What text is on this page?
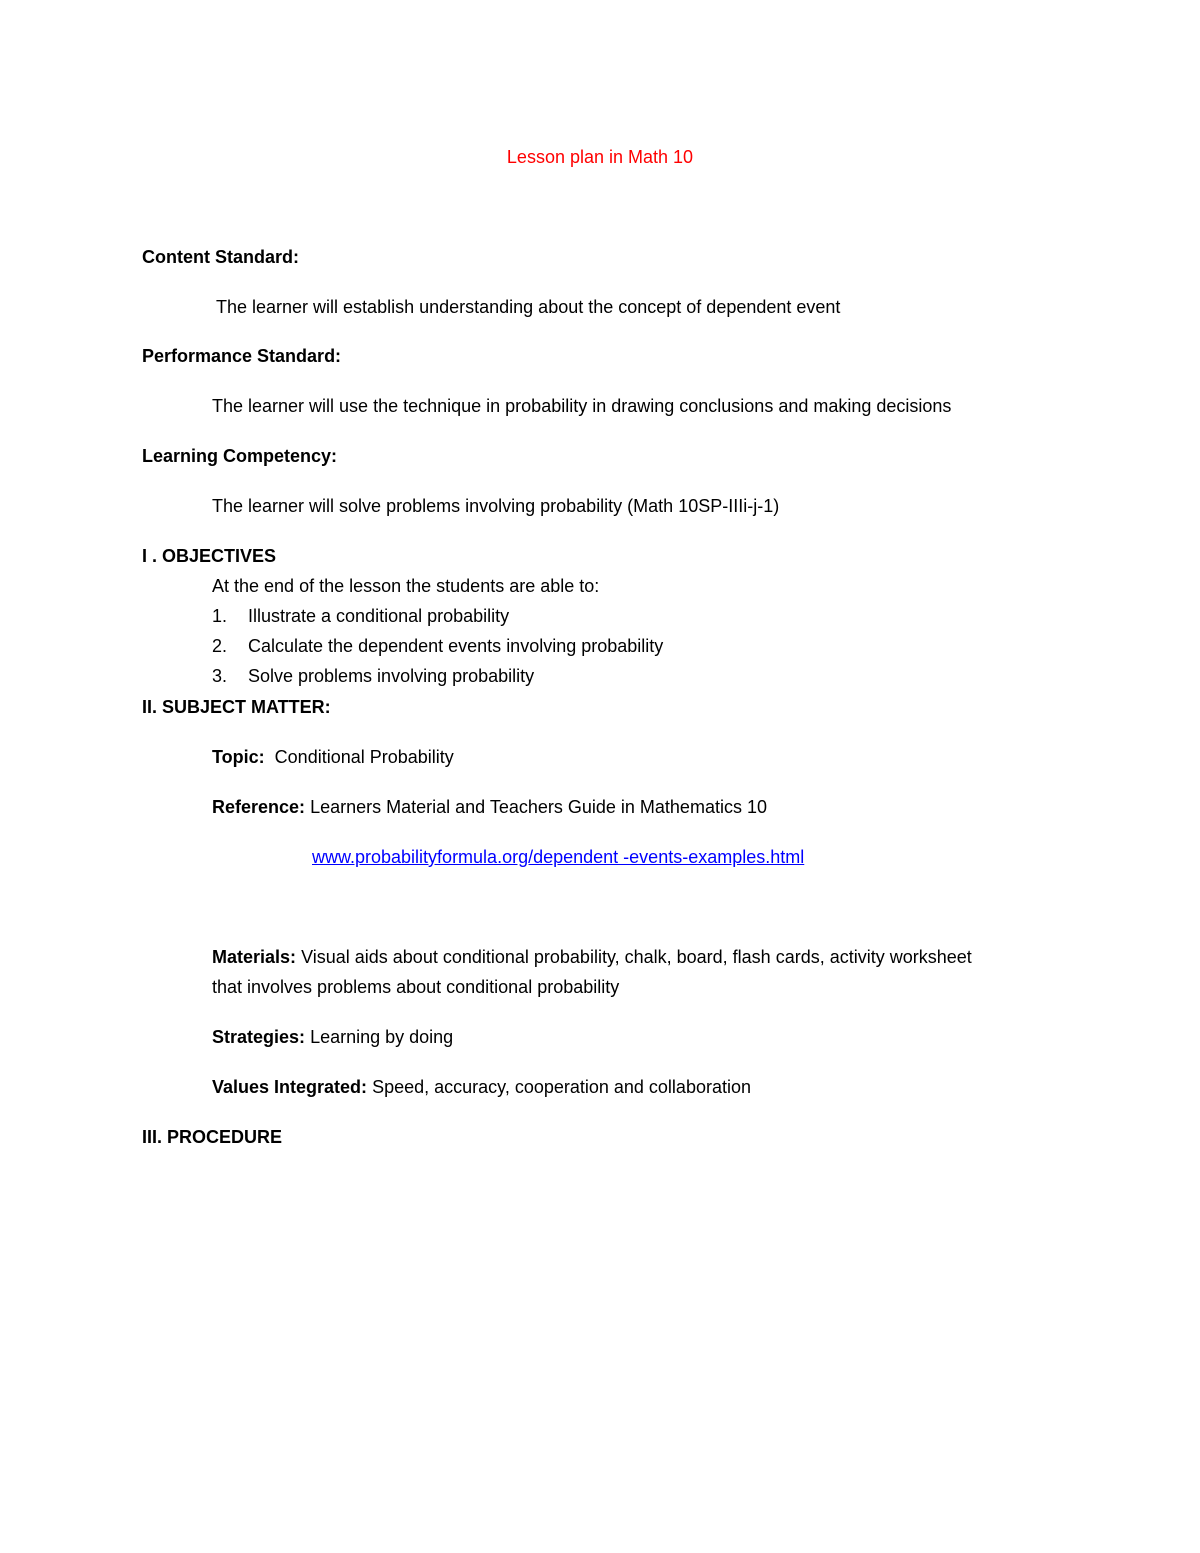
Lesson plan in Math 10
Content Standard:
The learner will establish understanding about the concept of dependent event
Performance Standard:
The learner will use the technique in probability in drawing conclusions and making decisions
Learning Competency:
The learner will solve problems involving probability (Math 10SP-IIIi-j-1)
I . OBJECTIVES
At the end of the lesson the students are able to:
1. Illustrate a conditional probability
2. Calculate the dependent events involving probability
3. Solve problems involving probability
II. SUBJECT MATTER:
Topic: Conditional Probability
Reference: Learners Material and Teachers Guide in Mathematics 10
www.probabilityformula.org/dependent -events-examples.html
Materials: Visual aids about conditional probability, chalk, board, flash cards, activity worksheet
that involves problems about conditional probability
Strategies: Learning by doing
Values Integrated: Speed, accuracy, cooperation and collaboration
III. PROCEDURE
